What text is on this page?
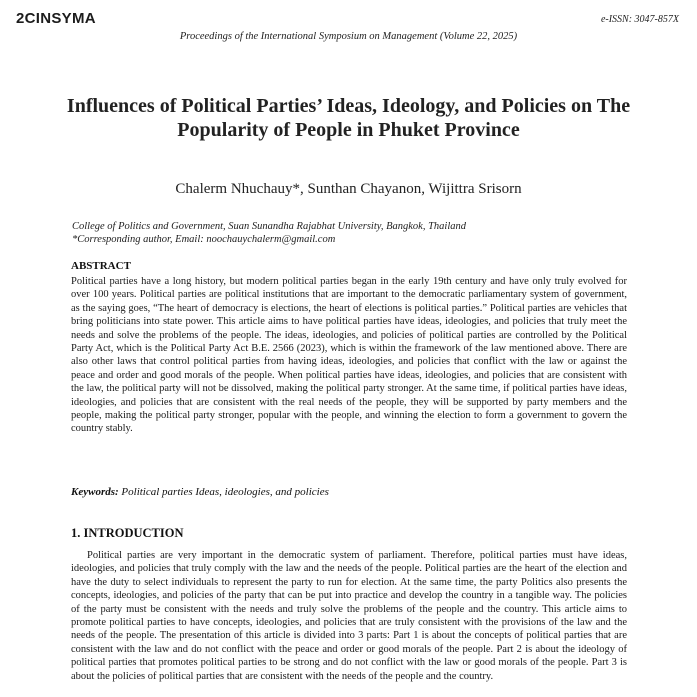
2CINSYMA	e-ISSN: 3047-857X
Proceedings of the International Symposium on Management (Volume 22, 2025)
Influences of Political Parties’ Ideas, Ideology, and Policies on The Popularity of People in Phuket Province
Chalerm Nhuchauy*, Sunthan Chayanon, Wijittra Srisorn
College of Politics and Government, Suan Sunandha Rajabhat University, Bangkok, Thailand
*Corresponding author, Email: noochauychalerm@gmail.com
ABSTRACT
Political parties have a long history, but modern political parties began in the early 19th century and have only truly evolved for over 100 years. Political parties are political institutions that are important to the democratic parliamentary system of government, as the saying goes, “The heart of democracy is elections, the heart of elections is political parties.” Political parties are vehicles that bring politicians into state power. This article aims to have political parties have ideas, ideologies, and policies that truly meet the needs and solve the problems of the people. The ideas, ideologies, and policies of political parties are controlled by the Political Party Act, which is the Political Party Act B.E. 2566 (2023), which is within the framework of the law mentioned above. There are also other laws that control political parties from having ideas, ideologies, and policies that conflict with the law or against the peace and order and good morals of the people. When political parties have ideas, ideologies, and policies that are consistent with the law, the political party will not be dissolved, making the political party stronger. At the same time, if political parties have ideas, ideologies, and policies that are consistent with the real needs of the people, they will be supported by party members and the people, making the political party stronger, popular with the people, and winning the election to form a government to govern the country stably.
Keywords: Political parties Ideas, ideologies, and policies
1. INTRODUCTION
Political parties are very important in the democratic system of parliament. Therefore, political parties must have ideas, ideologies, and policies that truly comply with the law and the needs of the people. Political parties are the heart of the election and have the duty to select individuals to represent the party to run for election. At the same time, the party Politics also presents the concepts, ideologies, and policies of the party that can be put into practice and develop the country in a tangible way. The policies of the party must be consistent with the needs and truly solve the problems of the people and the country. This article aims to promote political parties to have concepts, ideologies, and policies that are truly consistent with the provisions of the law and the needs of the people. The presentation of this article is divided into 3 parts: Part 1 is about the concepts of political parties that are consistent with the law and do not conflict with the peace and order or good morals of the people. Part 2 is about the ideology of political parties that promotes political parties to be strong and do not conflict with the law or good morals of the people. Part 3 is about the policies of political parties that are consistent with the needs of the people and the country.
